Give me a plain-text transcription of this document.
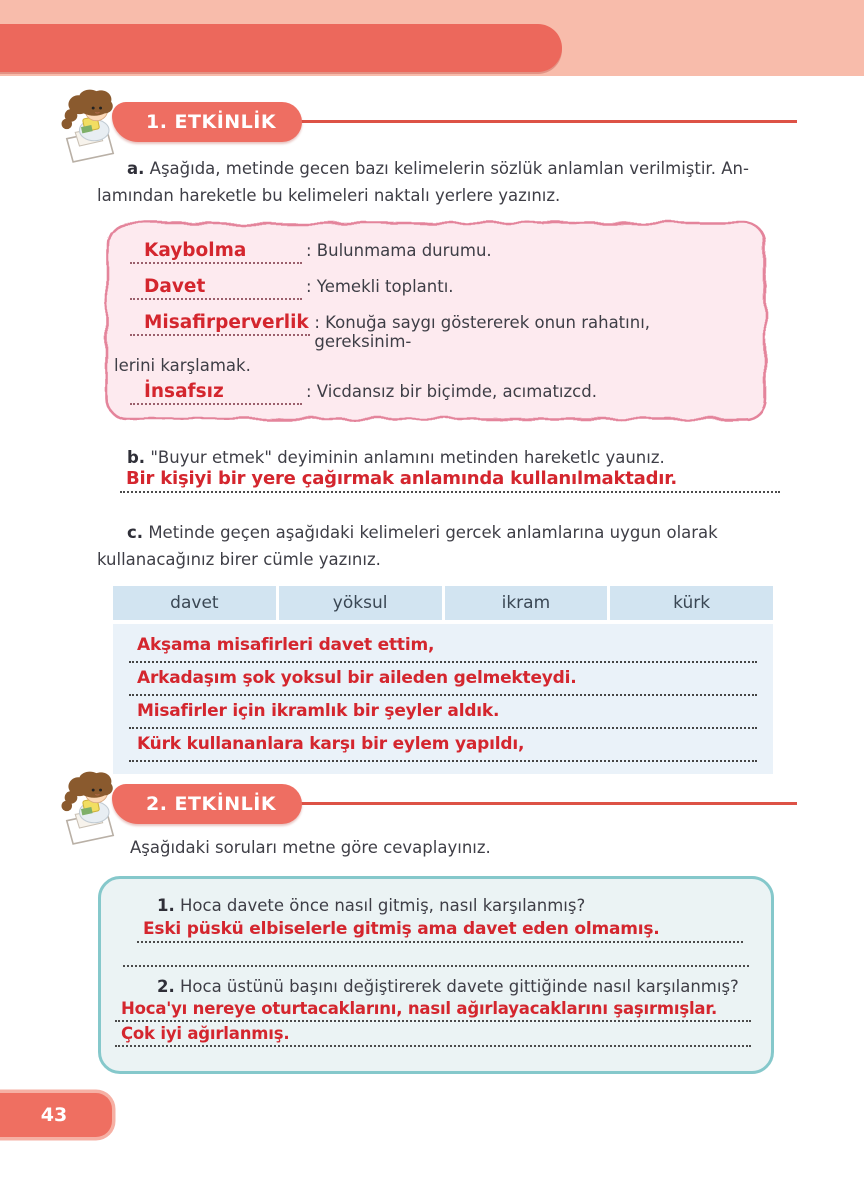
1. ETKİNLİK
a. Aşağıda, metinde gecen bazı kelimelerin sözlük anlamlan verilmiştir. An-
lamından hareketle bu kelimeleri naktalı yerlere yazınız.
Kaybolma	: Bulunmama durumu.
Davet	: Yemekli toplantı.
Misafirperverlik : Konuğa saygı göstererek onun rahatını, gereksinim-
lerini karşlamak.
İnsafsız	: Vicdansız bir biçimde, acımatızcd.
b. "Buyur etmek" deyiminin anlamını metinden hareketlc yaunız.
Bir kişiyi bir yere çağırmak anlamında kullanılmaktadır.
c. Metinde geçen aşağıdaki kelimeleri gercek anlamlarına uygun olarak
kullanacağınız birer cümle yazınız.
davet	yöksul	ikram	kürk
Akşama misafirleri davet ettim,
Arkadaşım şok yoksul bir aileden gelmekteydi.
Misafirler için ikramlık bir şeyler aldık.
Kürk kullananlara karşı bir eylem yapıldı,
2. ETKİNLİK
Aşağıdaki soruları metne göre cevaplayınız.
1. Hoca davete önce nasıl gitmiş, nasıl karşılanmış?
Eski püskü elbiselerle gitmiş ama davet eden olmamış.
2. Hoca üstünü başını değiştirerek davete gittiğinde nasıl karşılanmış?
Hoca'yı nereye oturtacaklarını, nasıl ağırlayacaklarını şaşırmışlar.
Çok iyi ağırlanmış.
43
